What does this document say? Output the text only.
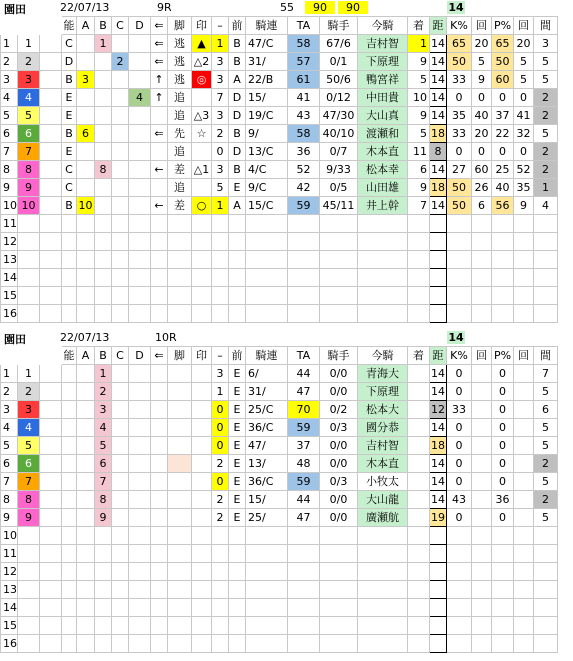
園田	22/07/13	9R	55	90	90	14
			能	A	B	C	D	⇐	脚	印	–	前	騎連	TA	騎手	今騎	着	距	K%	回	P%	回	間
1	1		C		1			⇐	逃	▲	1	B	47/C	58	67/6	吉村智	1	14	65	20	65	20	3
2	2		D			2		⇐	逃	△2	3	B	31/	57	0/1	下原理	9	14	50	5	50	5	5
3	3		B	3				↑	逃	◎	3	A	22/B	61	50/6	鴨宮祥	5	14	33	9	60	5	5
4	4		E				4	↑	追		7	D	15/	41	0/12	中田貴	10	14	0	0	0	0	2
5	5		E						追	△3	3	D	19/C	43	47/30	大山真	9	14	35	40	37	41	2
6	6		B	6				⇐	先	☆	2	B	9/	58	40/10	渡瀬和	5	18	33	20	22	32	5
7	7		E						追		0	D	13/C	36	0/7	木本直	11	8	0	0	0	0	2
8	8		C		8			←	差	△1	3	B	4/C	52	9/33	松本幸	6	14	27	60	25	52	2
9	9		C						追		5	E	9/C	42	0/5	山田雄	9	18	50	26	40	35	1
10	10		B	10				←	差	○	1	A	15/C	59	45/11	井上幹	7	14	50	6	56	9	4
11																							
12																							
13																							
14																							
15																							
16																							
園田	22/07/13	10R	14
			能	A	B	C	D	⇐	脚	印	–	前	騎連	TA	騎手	今騎	着	距	K%	回	P%	回	間
1	1				1						3	E	6/	44	0/0	青海大		14	0		0		7
2	2				2						1	E	31/	47	0/0	下原理		14	0		0		5
3	3				3						0	E	25/C	70	0/2	松本大		12	33		0		6
4	4				4						0	E	36/C	59	0/3	國分恭		14	0		0		5
5	5				5						0	E	47/	37	0/0	吉村智		18	0		0		5
6	6				6						2	E	13/	48	0/0	木本直		14	0		0		2
7	7				7						0	E	36/C	59	0/3	小牧太		14	0		0		5
8	8				8						2	E	15/	44	0/0	大山龍		14	43		36		2
9	9				9						2	E	25/	47	0/0	廣瀬航		19	0		0		5
10																							
11																							
12																							
13																							
14																							
15																							
16																							
